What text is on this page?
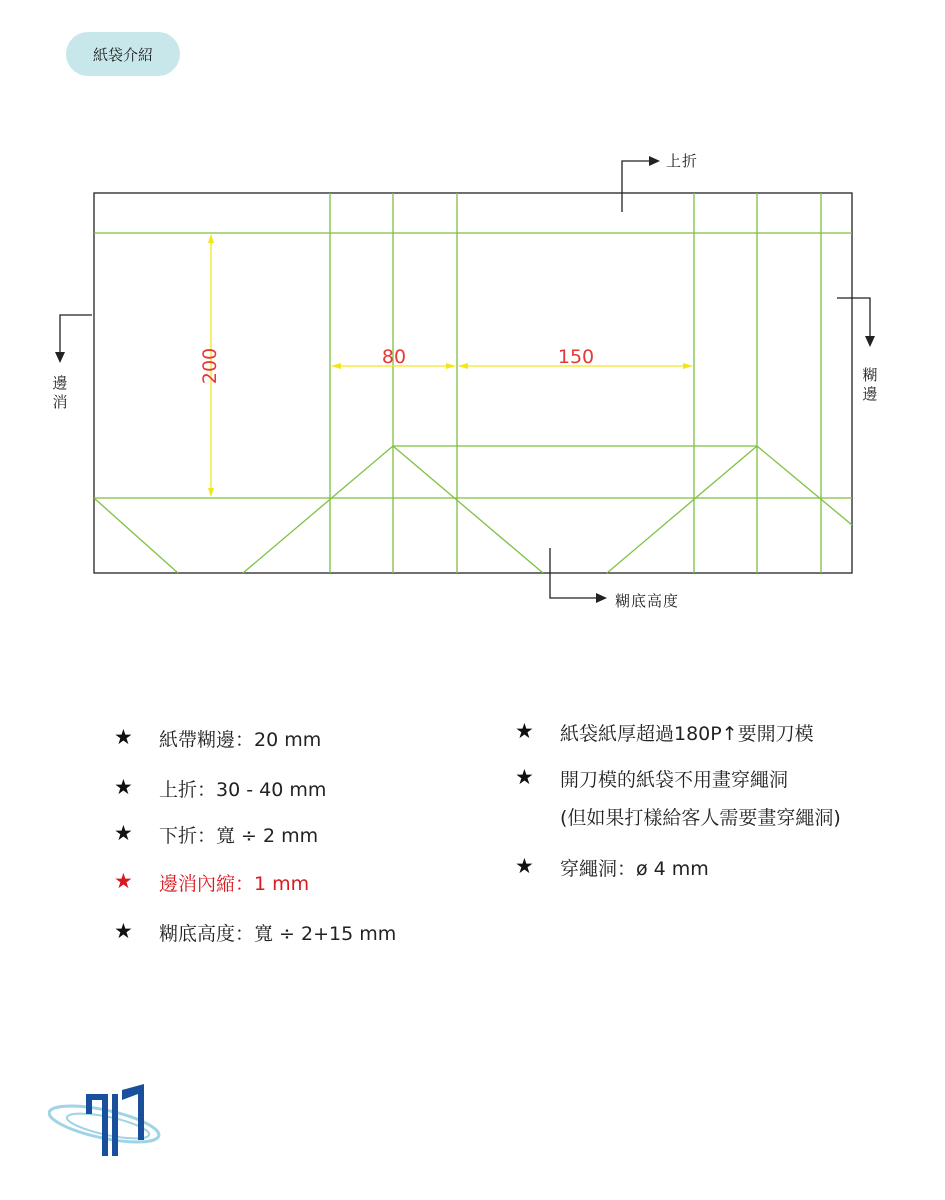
紙袋介紹
200	80	150
上折
邊
消
糊
邊
糊底高度
★ 紙帶糊邊：20 mm
★ 上折：30 - 40 mm
★ 下折：寬 ÷ 2 mm
★ 邊消內縮：1 mm
★ 糊底高度：寬 ÷ 2+15 mm
★ 紙袋紙厚超過180P↑要開刀模
★ 開刀模的紙袋不用畫穿繩洞
(但如果打樣給客人需要畫穿繩洞)
★ 穿繩洞：ø 4 mm
